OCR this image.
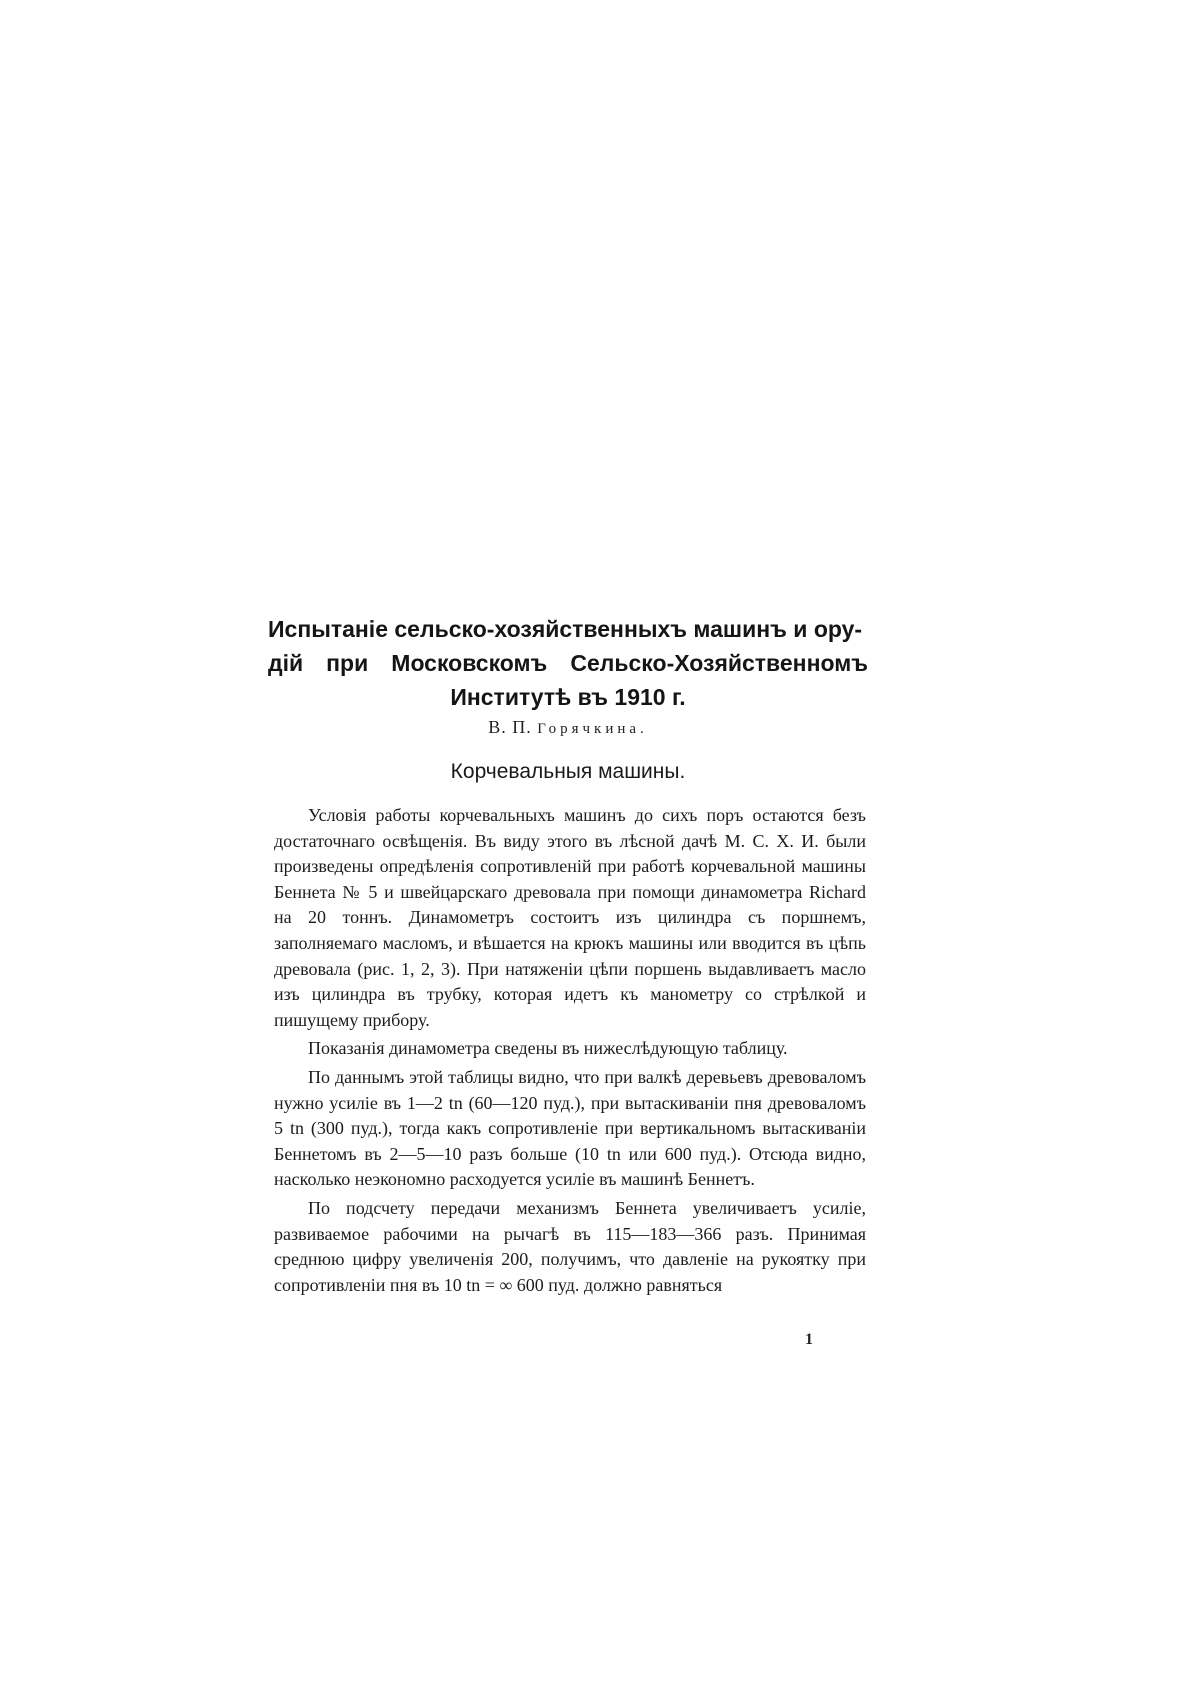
Испытаніе сельско-хозяйственныхъ машинъ и ору-
дій при Московскомъ Сельско-Хозяйственномъ
Институтѣ въ 1910 г.
В. П. Горячкина.
Корчевальныя машины.

Условія работы корчевальныхъ машинъ до сихъ поръ остаются безъ достаточнаго освѣщенія. Въ виду этого въ лѣсной дачѣ М. С. Х. И. были произведены опредѣленія сопротивленій при работѣ корчевальной машины Беннета № 5 и швейцарскаго древовала при помощи динамометра Richard на 20 тоннъ. Динамометръ состоитъ изъ цилиндра съ поршнемъ, заполняемаго масломъ, и вѣшается на крюкъ машины или вводится въ цѣпь древовала (рис. 1, 2, 3). При натяженіи цѣпи поршень выдавливаетъ масло изъ цилиндра въ трубку, которая идетъ къ манометру со стрѣлкой и пишущему прибору.

Показанія динамометра сведены въ нижеслѣдующую таблицу.

По даннымъ этой таблицы видно, что при валкѣ деревьевъ древоваломъ нужно усиліе въ 1—2 tn (60—120 пуд.), при вытаскиваніи пня древоваломъ 5 tn (300 пуд.), тогда какъ сопротивленіе при вертикальномъ вытаскиваніи Беннетомъ въ 2—5—10 разъ больше (10 tn или 600 пуд.). Отсюда видно, насколько неэкономно расходуется усиліе въ машинѣ Беннетъ.

По подсчету передачи механизмъ Беннета увеличиваетъ усиліе, развиваемое рабочими на рычагѣ въ 115—183—366 разъ. Принимая среднюю цифру увеличенія 200, получимъ, что давленіе на рукоятку при сопротивленіи пня въ 10 tn = ∞ 600 пуд. должно равняться

1
